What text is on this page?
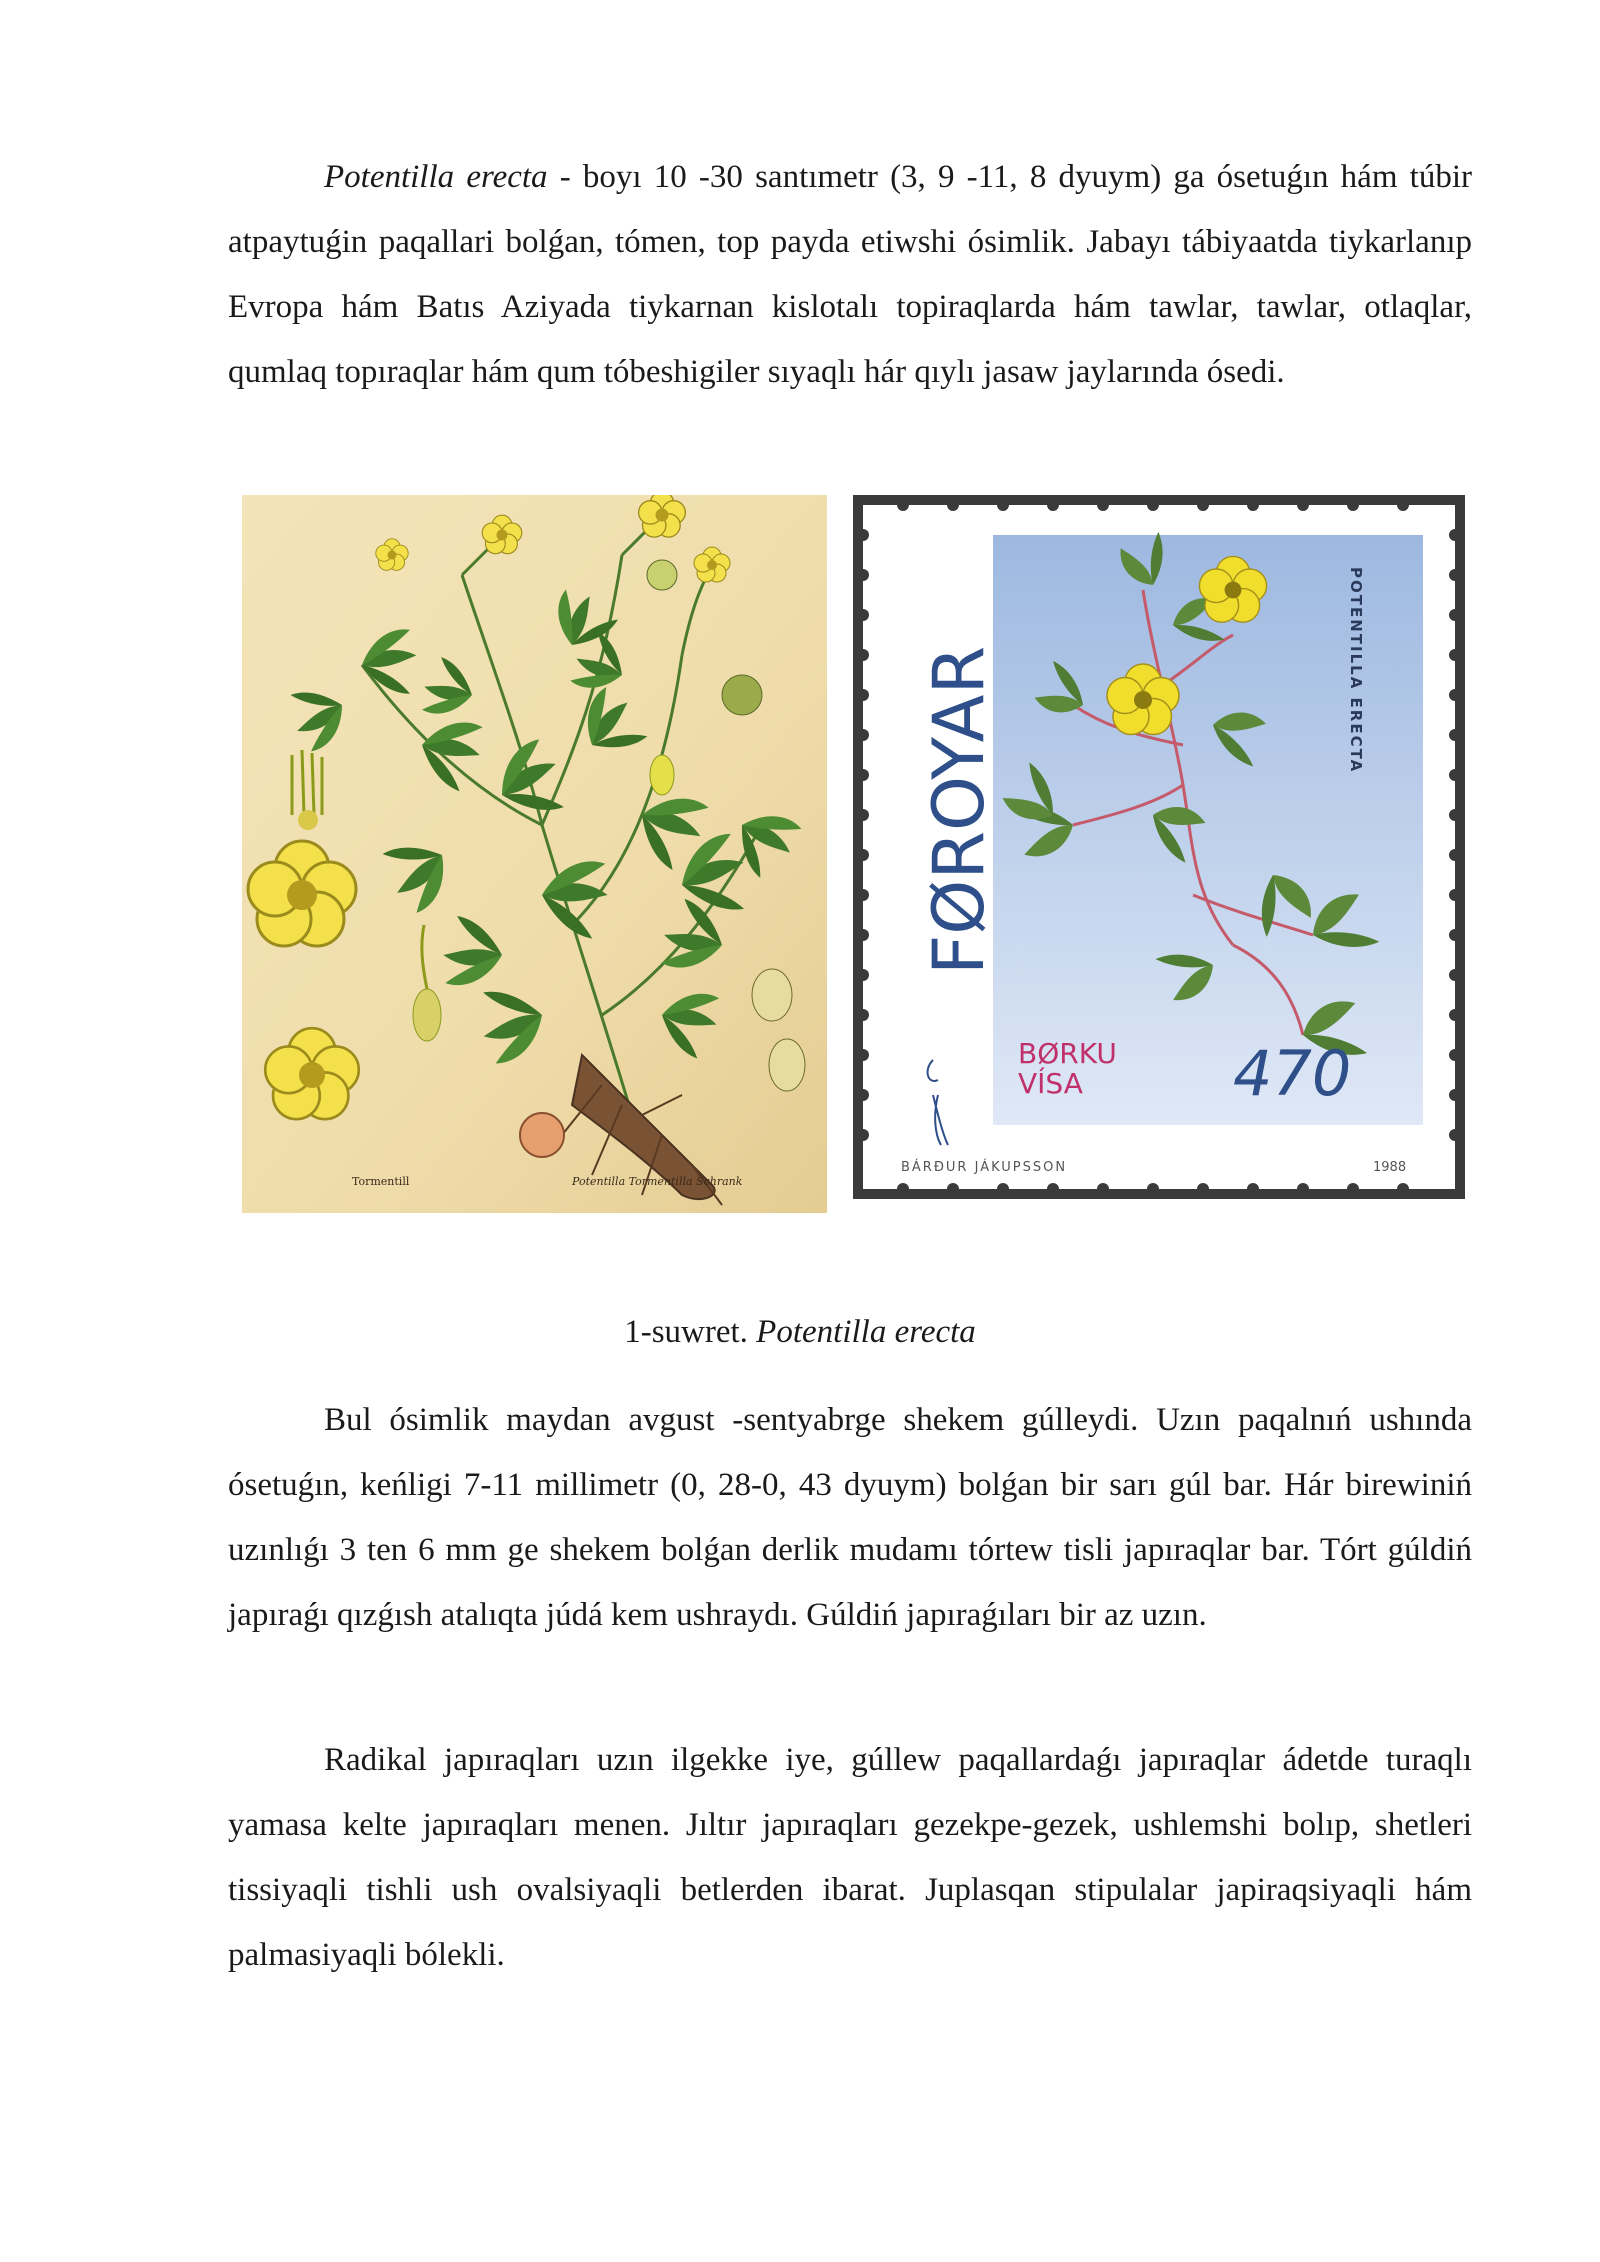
Potentilla erecta - boyı 10 -30 santımetr (3, 9 -11, 8 dyuym) ga ósetuǵın hám túbir atpaytuǵin paqallari bolǵan, tómen, top payda etiwshi ósimlik. Jabayı tábiyaatda tiykarlanıp Evropa hám Batıs Aziyada tiykarnan kislotalı topiraqlarda hám tawlar, tawlar, otlaqlar, qumlaq topıraqlar hám qum tóbeshigiler sıyaqlı hár qıylı jasaw jaylarında ósedi.

Tormentill	Potentilla Tormentilla Schrank
FØROYAR	POTENTILLA ERECTA
BØRKU
VÍSA 470
BÁRÐUR JÁKUPSSON	1988
1-suwret. Potentilla erecta

Bul ósimlik maydan avgust -sentyabrge shekem gúlleydi. Uzın paqalnıń ushında ósetuǵın, keńligi 7-11 millimetr (0, 28-0, 43 dyuym) bolǵan bir sarı gúl bar. Hár birewiniń uzınlıǵı 3 ten 6 mm ge shekem bolǵan derlik mudamı tórtew tisli japıraqlar bar. Tórt gúldiń japıraǵı qızǵısh atalıqta júdá kem ushraydı. Gúldiń japıraǵıları bir az uzın.

Radikal japıraqları uzın ilgekke iye, gúllew paqallardaǵı japıraqlar ádetde turaqlı yamasa kelte japıraqları menen. Jıltır japıraqları gezekpe-gezek, ushlemshi bolıp, shetleri tissiyaqli tishli ush ovalsiyaqli betlerden ibarat. Juplasqan stipulalar japiraqsiyaqli hám palmasiyaqli bólekli.
